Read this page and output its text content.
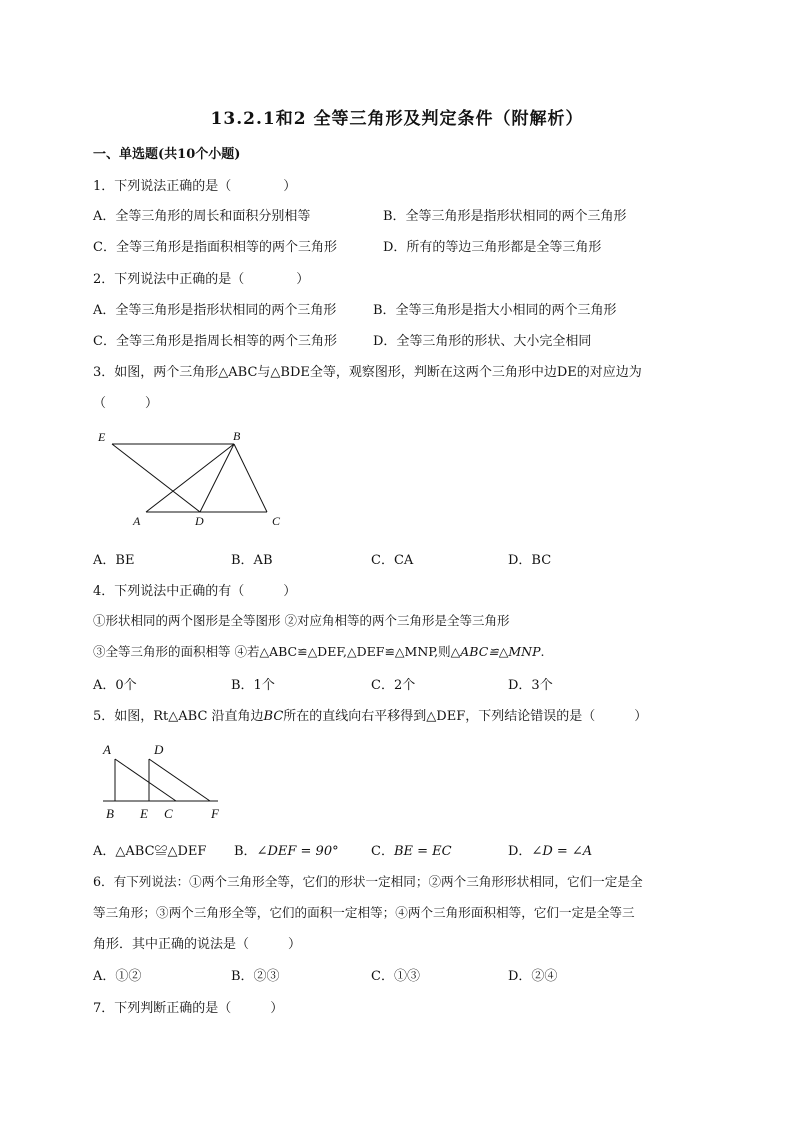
13.2.1和2 全等三角形及判定条件（附解析）
一、单选题(共10个小题)
1．下列说法正确的是（　　　　）
A．全等三角形的周长和面积分别相等	B．全等三角形是指形状相同的两个三角形
C．全等三角形是指面积相等的两个三角形	D．所有的等边三角形都是全等三角形
2．下列说法中正确的是（　　　　）
A．全等三角形是指形状相同的两个三角形	B．全等三角形是指大小相同的两个三角形
C．全等三角形是指周长相等的两个三角形	D．全等三角形的形状、大小完全相同
3．如图，两个三角形△ABC与△BDE全等，观察图形，判断在这两个三角形中边DE的对应边为
（　　　）
E	B
A	D	C
A．BE	B．AB	C．CA	D．BC
4．下列说法中正确的有（　　　）
①形状相同的两个图形是全等图形 ②对应角相等的两个三角形是全等三角形
③全等三角形的面积相等 ④若△ABC≌△DEF,△DEF≌△MNP,则△ABC≌△MNP.
A．0个	B．1个	C．2个	D．3个
5．如图，Rt△ABC 沿直角边BC所在的直线向右平移得到△DEF，下列结论错误的是（　　　）
A	D
B E C	F
A．△ABC≌△DEF B．∠DEF = 90° C．BE = EC	D．∠D = ∠A
6．有下列说法：①两个三角形全等，它们的形状一定相同；②两个三角形形状相同，它们一定是全
等三角形；③两个三角形全等，它们的面积一定相等；④两个三角形面积相等，它们一定是全等三
角形．其中正确的说法是（　　　）
A．①②	B．②③	C．①③	D．②④
7．下列判断正确的是（　　　）
